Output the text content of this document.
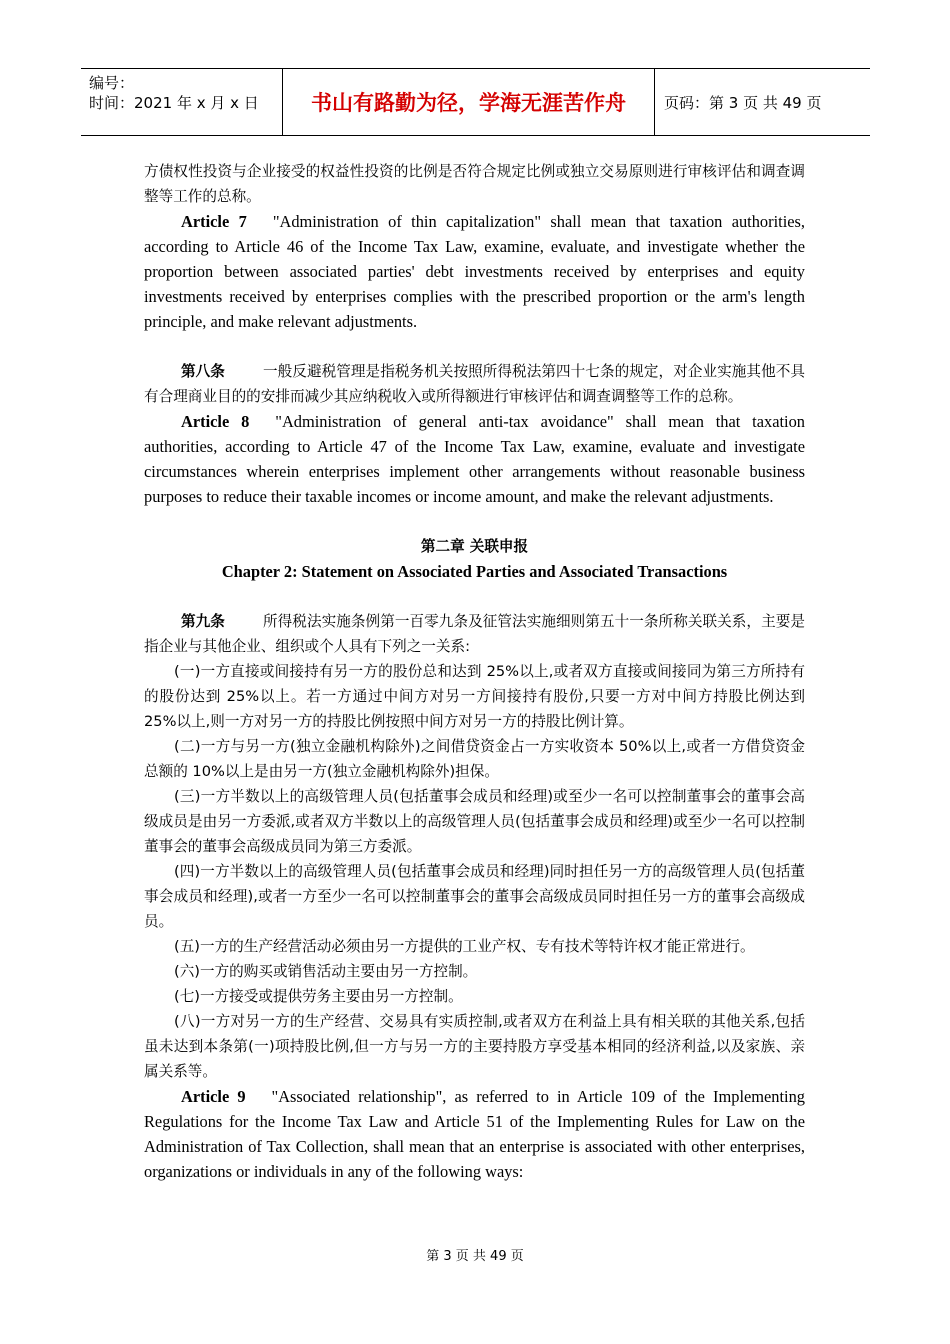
编号：
时间：2021 年 x 月 x 日	书山有路勤为径，学海无涯苦作舟	页码：第 3 页 共 49 页

方债权性投资与企业接受的权益性投资的比例是否符合规定比例或独立交易原则进行审核评估和调查调整等工作的总称。

Article 7 "Administration of thin capitalization" shall mean that taxation authorities, according to Article 46 of the Income Tax Law, examine, evaluate, and investigate whether the proportion between associated parties' debt investments received by enterprises and equity investments received by enterprises complies with the prescribed proportion or the arm's length principle, and make relevant adjustments.

第八条	一般反避税管理是指税务机关按照所得税法第四十七条的规定，对企业实施其他不具有合理商业目的的安排而减少其应纳税收入或所得额进行审核评估和调查调整等工作的总称。

Article 8 "Administration of general anti-tax avoidance" shall mean that taxation authorities, according to Article 47 of the Income Tax Law, examine, evaluate and investigate circumstances wherein enterprises implement other arrangements without reasonable business purposes to reduce their taxable incomes or income amount, and make the relevant adjustments.

第二章 关联申报

Chapter 2: Statement on Associated Parties and Associated Transactions

第九条	所得税法实施条例第一百零九条及征管法实施细则第五十一条所称关联关系，主要是指企业与其他企业、组织或个人具有下列之一关系:

(一)一方直接或间接持有另一方的股份总和达到 25%以上,或者双方直接或间接同为第三方所持有的股份达到 25%以上。若一方通过中间方对另一方间接持有股份,只要一方对中间方持股比例达到 25%以上,则一方对另一方的持股比例按照中间方对另一方的持股比例计算。

(二)一方与另一方(独立金融机构除外)之间借贷资金占一方实收资本 50%以上,或者一方借贷资金总额的 10%以上是由另一方(独立金融机构除外)担保。

(三)一方半数以上的高级管理人员(包括董事会成员和经理)或至少一名可以控制董事会的董事会高级成员是由另一方委派,或者双方半数以上的高级管理人员(包括董事会成员和经理)或至少一名可以控制董事会的董事会高级成员同为第三方委派。

(四)一方半数以上的高级管理人员(包括董事会成员和经理)同时担任另一方的高级管理人员(包括董事会成员和经理),或者一方至少一名可以控制董事会的董事会高级成员同时担任另一方的董事会高级成员。

(五)一方的生产经营活动必须由另一方提供的工业产权、专有技术等特许权才能正常进行。

(六)一方的购买或销售活动主要由另一方控制。

(七)一方接受或提供劳务主要由另一方控制。

(八)一方对另一方的生产经营、交易具有实质控制,或者双方在利益上具有相关联的其他关系,包括虽未达到本条第(一)项持股比例,但一方与另一方的主要持股方享受基本相同的经济利益,以及家族、亲属关系等。

Article 9 "Associated relationship", as referred to in Article 109 of the Implementing Regulations for the Income Tax Law and Article 51 of the Implementing Rules for Law on the Administration of Tax Collection, shall mean that an enterprise is associated with other enterprises, organizations or individuals in any of the following ways:

第 3 页 共 49 页
